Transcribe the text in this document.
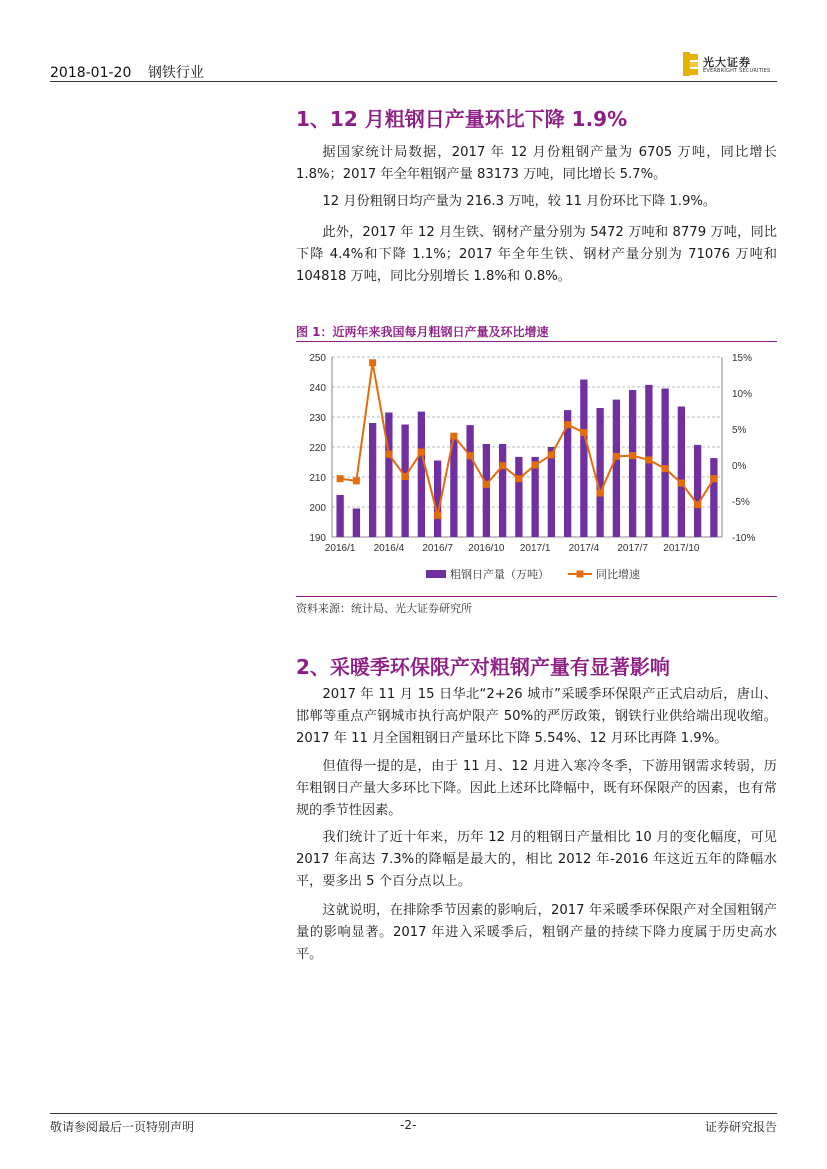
2018-01-20 钢铁行业
光大证券
EVERBRIGHT SECURITIES
1、12 月粗钢日产量环比下降 1.9%

据国家统计局数据，2017 年 12 月份粗钢产量为 6705 万吨，同比增长 1.8%；2017 年全年粗钢产量 83173 万吨，同比增长 5.7%。

12 月份粗钢日均产量为 216.3 万吨，较 11 月份环比下降 1.9%。

此外，2017 年 12 月生铁、钢材产量分别为 5472 万吨和 8779 万吨，同比下降 4.4%和下降 1.1%；2017 年全年生铁、钢材产量分别为 71076 万吨和 104818 万吨，同比分别增长 1.8%和 0.8%。

图 1：近两年来我国每月粗钢日产量及环比增速
190
200
210
220
230
240
250
-10%
-5%
0%
5%
10%
15%
2016/1 2016/4 2016/7 2016/10 2017/1 2017/4 2017/7 2017/10
粗钢日产量（万吨）	同比增速
资料来源：统计局、光大证券研究所
2、采暖季环保限产对粗钢产量有显著影响

2017 年 11 月 15 日华北“2+26 城市”采暖季环保限产正式启动后，唐山、邯郸等重点产钢城市执行高炉限产 50%的严厉政策，钢铁行业供给端出现收缩。2017 年 11 月全国粗钢日产量环比下降 5.54%、12 月环比再降 1.9%。

但值得一提的是，由于 11 月、12 月进入寒冷冬季，下游用钢需求转弱，历年粗钢日产量大多环比下降。因此上述环比降幅中，既有环保限产的因素，也有常规的季节性因素。

我们统计了近十年来，历年 12 月的粗钢日产量相比 10 月的变化幅度，可见 2017 年高达 7.3%的降幅是最大的，相比 2012 年-2016 年这近五年的降幅水平，要多出 5 个百分点以上。

这就说明，在排除季节因素的影响后，2017 年采暖季环保限产对全国粗钢产量的影响显著。2017 年进入采暖季后，粗钢产量的持续下降力度属于历史高水平。

敬请参阅最后一页特别声明	-2-	证券研究报告
